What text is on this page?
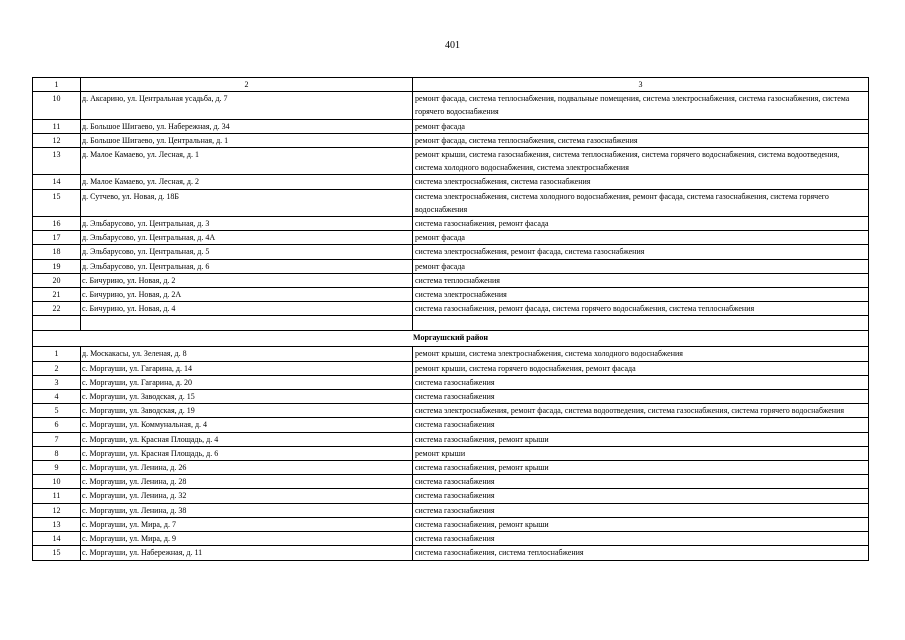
401
1	2	3
10	д. Аксарино, ул. Центральная усадьба, д. 7	ремонт фасада, система теплоснабжения, подвальные помещения, система электроснабжения, система газоснабжения, система горячего водоснабжения
11	д. Большое Шигаево, ул. Набережная, д. 34	ремонт фасада
12	д. Большое Шигаево, ул. Центральная, д. 1	ремонт фасада, система теплоснабжения, система газоснабжения
13	д. Малое Камаево, ул. Лесная, д. 1	ремонт крыши, система газоснабжения, система теплоснабжения, система горячего водоснабжения, система водоотведения, система холодного водоснабжения, система электроснабжения
14	д. Малое Камаево, ул. Лесная, д. 2	система электроснабжения, система газоснабжения
15	д. Сутчево, ул. Новая, д. 18Б	система электроснабжения, система холодного водоснабжения, ремонт фасада, система газоснабжения, система горячего водоснабжения
16	д. Эльбарусово, ул. Центральная, д. 3	система газоснабжения, ремонт фасада
17	д. Эльбарусово, ул. Центральная, д. 4А	ремонт фасада
18	д. Эльбарусово, ул. Центральная, д. 5	система электроснабжения, ремонт фасада, система газоснабжения
19	д. Эльбарусово, ул. Центральная, д. 6	ремонт фасада
20	с. Бичурино, ул. Новая, д. 2	система теплоснабжения
21	с. Бичурино, ул. Новая, д. 2А	система электроснабжения
22	с. Бичурино, ул. Новая, д. 4	система газоснабжения, ремонт фасада, система горячего водоснабжения, система теплоснабжения

Моргаушский район		
1	д. Москакасы, ул. Зеленая, д. 8	ремонт крыши, система электроснабжения, система холодного водоснабжения
2	с. Моргауши, ул. Гагарина, д. 14	ремонт крыши, система горячего водоснабжения, ремонт фасада
3	с. Моргауши, ул. Гагарина, д. 20	система газоснабжения
4	с. Моргауши, ул. Заводская, д. 15	система газоснабжения
5	с. Моргауши, ул. Заводская, д. 19	система электроснабжения, ремонт фасада, система водоотведения, система газоснабжения, система горячего водоснабжения
6	с. Моргауши, ул. Коммунальная, д. 4	система газоснабжения
7	с. Моргауши, ул. Красная Площадь, д. 4	система газоснабжения, ремонт крыши
8	с. Моргауши, ул. Красная Площадь, д. 6	ремонт крыши
9	с. Моргауши, ул. Ленина, д. 26	система газоснабжения, ремонт крыши
10	с. Моргауши, ул. Ленина, д. 28	система газоснабжения
11	с. Моргауши, ул. Ленина, д. 32	система газоснабжения
12	с. Моргауши, ул. Ленина, д. 38	система газоснабжения
13	с. Моргауши, ул. Мира, д. 7	система газоснабжения, ремонт крыши
14	с. Моргауши, ул. Мира, д. 9	система газоснабжения
15	с. Моргауши, ул. Набережная, д. 11	система газоснабжения, система теплоснабжения
